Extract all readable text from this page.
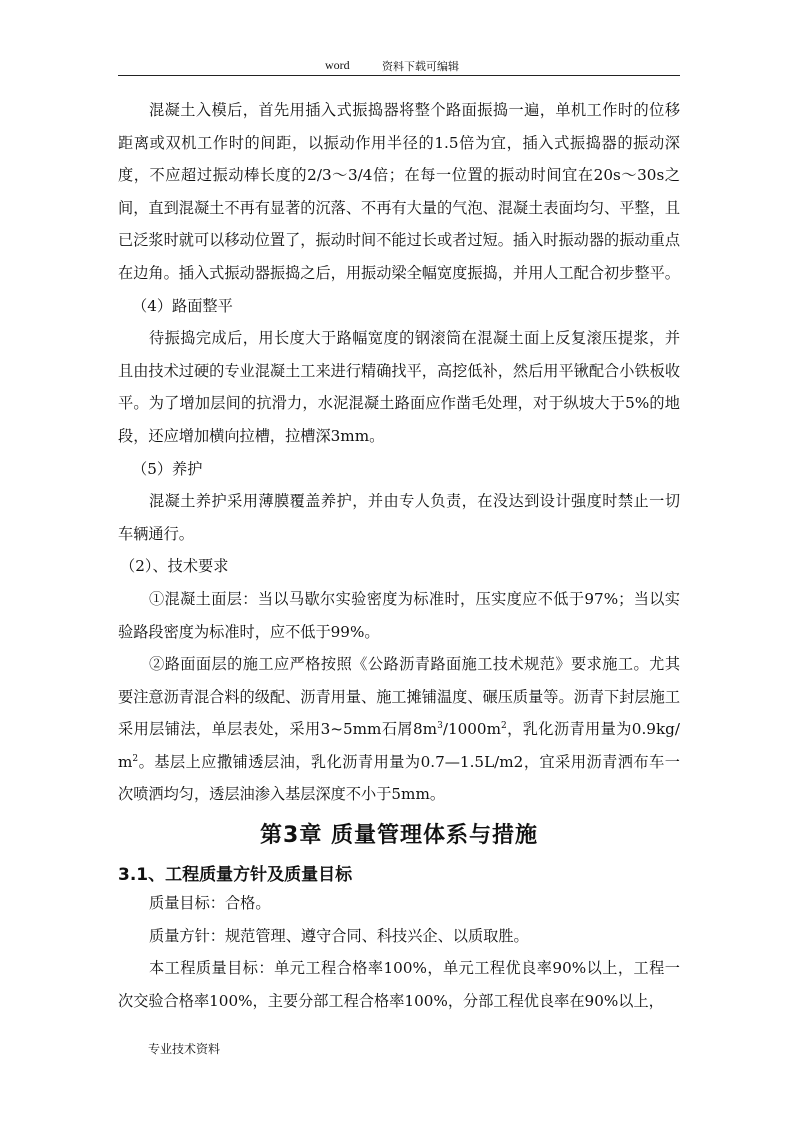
word	资料下载可编辑

混凝土入模后，首先用插入式振捣器将整个路面振捣一遍，单机工作时的位移距离或双机工作时的间距，以振动作用半径的1.5倍为宜，插入式振捣器的振动深度，不应超过振动棒长度的2/3～3/4倍；在每一位置的振动时间宜在20s～30s之间，直到混凝土不再有显著的沉落、不再有大量的气泡、混凝土表面均匀、平整，且已泛浆时就可以移动位置了，振动时间不能过长或者过短。插入时振动器的振动重点在边角。插入式振动器振捣之后，用振动梁全幅宽度振捣，并用人工配合初步整平。

（4）路面整平

待振捣完成后，用长度大于路幅宽度的钢滚筒在混凝土面上反复滚压提浆，并且由技术过硬的专业混凝土工来进行精确找平，高挖低补，然后用平锹配合小铁板收平。为了增加层间的抗滑力，水泥混凝土路面应作凿毛处理，对于纵坡大于5%的地段，还应增加横向拉槽，拉槽深3mm。

（5）养护

混凝土养护采用薄膜覆盖养护，并由专人负责，在没达到设计强度时禁止一切车辆通行。

（2）、技术要求

①混凝土面层：当以马歇尔实验密度为标准时，压实度应不低于97%；当以实验路段密度为标准时，应不低于99%。

②路面面层的施工应严格按照《公路沥青路面施工技术规范》要求施工。尤其要注意沥青混合料的级配、沥青用量、施工摊铺温度、碾压质量等。沥青下封层施工采用层铺法，单层表处，采用3~5mm石屑$8m^3/1000m^2$，乳化沥青用量为$0.9kg/m^2$。基层上应撒铺透层油，乳化沥青用量为0.7—1.5L/m2，宜采用沥青洒布车一次喷洒均匀，透层油渗入基层深度不小于5mm。

第3章 质量管理体系与措施
3.1、工程质量方针及质量目标

质量目标：合格。

质量方针：规范管理、遵守合同、科技兴企、以质取胜。

本工程质量目标：单元工程合格率100%，单元工程优良率90%以上，工程一次交验合格率100%，主要分部工程合格率100%，分部工程优良率在90%以上，

专业技术资料
